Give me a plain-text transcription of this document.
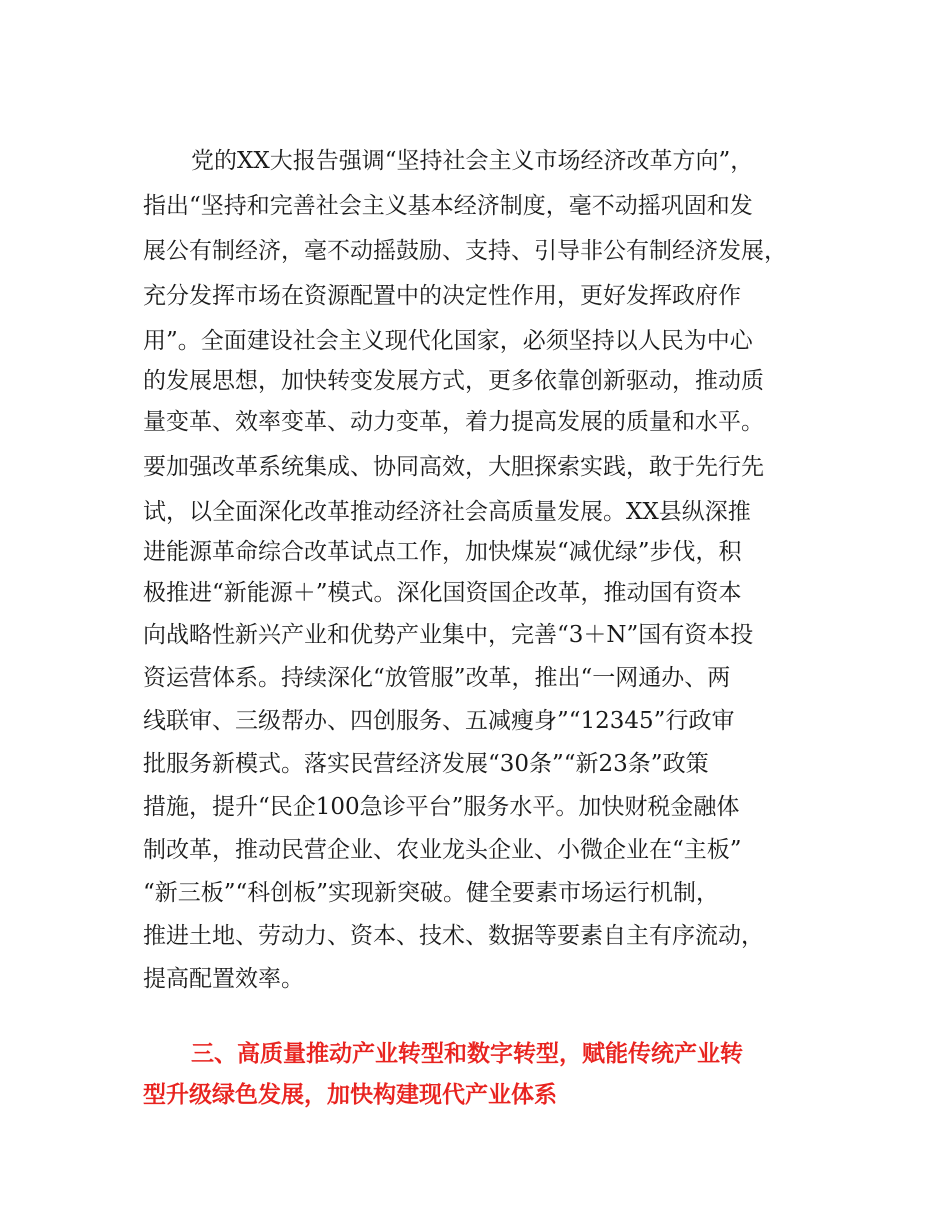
党的XX大报告强调“坚持社会主义市场经济改革方向”，
指出“坚持和完善社会主义基本经济制度，毫不动摇巩固和发
展公有制经济，毫不动摇鼓励、支持、引导非公有制经济发展，
充分发挥市场在资源配置中的决定性作用，更好发挥政府作
用”。全面建设社会主义现代化国家，必须坚持以人民为中心
的发展思想，加快转变发展方式，更多依靠创新驱动，推动质
量变革、效率变革、动力变革，着力提高发展的质量和水平。
要加强改革系统集成、协同高效，大胆探索实践，敢于先行先
试，以全面深化改革推动经济社会高质量发展。XX县纵深推
进能源革命综合改革试点工作，加快煤炭“减优绿”步伐，积
极推进“新能源＋”模式。深化国资国企改革，推动国有资本
向战略性新兴产业和优势产业集中，完善“3＋N”国有资本投
资运营体系。持续深化“放管服”改革，推出“一网通办、两
线联审、三级帮办、四创服务、五减瘦身”“12345”行政审
批服务新模式。落实民营经济发展“30条”“新23条”政策
措施，提升“民企100急诊平台”服务水平。加快财税金融体
制改革，推动民营企业、农业龙头企业、小微企业在“主板”
“新三板”“科创板”实现新突破。健全要素市场运行机制，
推进土地、劳动力、资本、技术、数据等要素自主有序流动，
提高配置效率。
三、高质量推动产业转型和数字转型，赋能传统产业转
型升级绿色发展，加快构建现代产业体系
